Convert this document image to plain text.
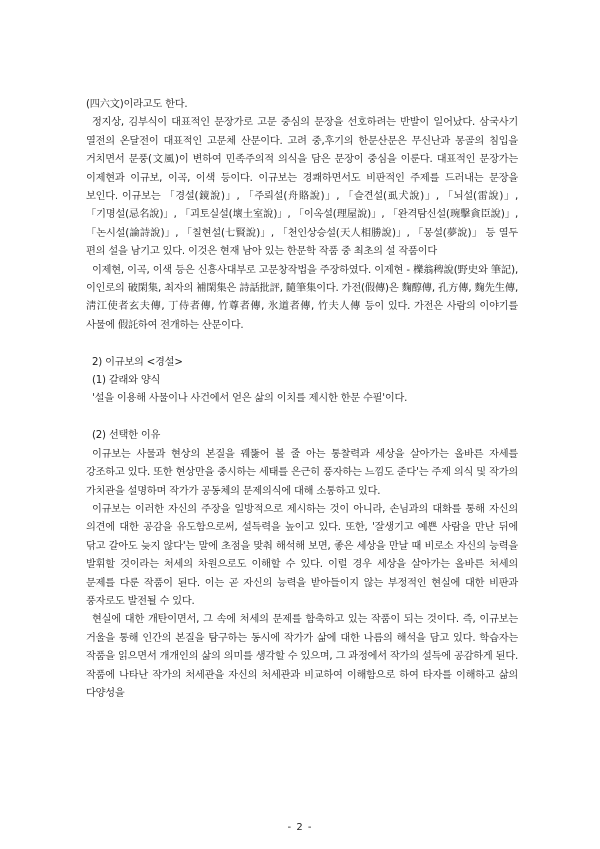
(四六文)이라고도 한다.

정지상, 김부식이 대표적인 문장가로 고문 중심의 문장을 선호하려는 반발이 일어났다. 삼국사기 열전의 온달전이 대표적인 고문체 산문이다. 고려 중,후기의 한문산문은 무신난과 몽골의 침입을 거치면서 문풍(文風)이 변하여 민족주의적 의식을 담은 문장이 중심을 이룬다. 대표적인 문장가는 이제현과 이규보, 이곡, 이색 등이다. 이규보는 경쾌하면서도 비판적인 주제를 드러내는 문장을 보인다. 이규보는 「경설(鏡說)」, 「주뢰설(舟賂說)」, 「슬견설(虱犬說)」, 「뇌설(雷說)」, 「기명설(忌名說)」, 「괴토실설(壞土室說)」, 「이옥설(理屋說)」, 「완격탐신설(琬擊貪臣說)」, 「논시설(論詩說)」, 「칠현설(七賢說)」, 「천인상승설(天人相勝說)」, 「몽설(夢說)」 등 열두 편의 설을 남기고 있다. 이것은 현재 남아 있는 한문학 작품 중 최초의 설 작품이다

이제현, 이곡, 이색 등은 신흥사대부로 고문창작법을 주장하였다. 이제현 - 櫟翁稗說(野史와 筆記), 이인로의 破閑集, 최자의 補閑集은 詩話批評, 隨筆集이다. 가전(假傳)은 麴醇傳, 孔方傳, 麴先生傳, 淸江使者玄夫傳, 丁侍者傳, 竹尊者傳, 氷道者傳, 竹夫人傳 등이 있다. 가전은 사람의 이야기를 사물에 假託하여 전개하는 산문이다.

2) 이규보의 <경설>

(1) 갈래와 양식

'설을 이용해 사물이나 사건에서 얻은 삶의 이치를 제시한 한문 수필'이다.

(2) 선택한 이유

이규보는 사물과 현상의 본질을 꿰뚫어 볼 줄 아는 통찰력과 세상을 살아가는 올바른 자세를 강조하고 있다. 또한 현상만을 중시하는 세태를 은근히 풍자하는 느낌도 준다'는 주제 의식 및 작가의 가치관을 설명하며 작가가 공동체의 문제의식에 대해 소통하고 있다.

이규보는 이러한 자신의 주장을 일방적으로 제시하는 것이 아니라, 손님과의 대화를 통해 자신의 의견에 대한 공감을 유도함으로써, 설득력을 높이고 있다. 또한, '잘생기고 예쁜 사람을 만난 뒤에 닦고 갈아도 늦지 않다'는 말에 초점을 맞춰 해석해 보면, 좋은 세상을 만날 때 비로소 자신의 능력을 발휘할 것이라는 처세의 차원으로도 이해할 수 있다. 이럴 경우 세상을 살아가는 올바른 처세의 문제를 다룬 작품이 된다. 이는 곧 자신의 능력을 받아들이지 않는 부정적인 현실에 대한 비판과 풍자로도 발전될 수 있다.

현실에 대한 개탄이면서, 그 속에 처세의 문제를 함축하고 있는 작품이 되는 것이다. 즉, 이규보는 거울을 통해 인간의 본질을 탐구하는 동시에 작가가 삶에 대한 나름의 해석을 담고 있다. 학습자는 작품을 읽으면서 개개인의 삶의 의미를 생각할 수 있으며, 그 과정에서 작가의 설득에 공감하게 된다. 작품에 나타난 작가의 처세관을 자신의 처세관과 비교하여 이해함으로 하여 타자를 이해하고 삶의 다양성을

- 2 -
